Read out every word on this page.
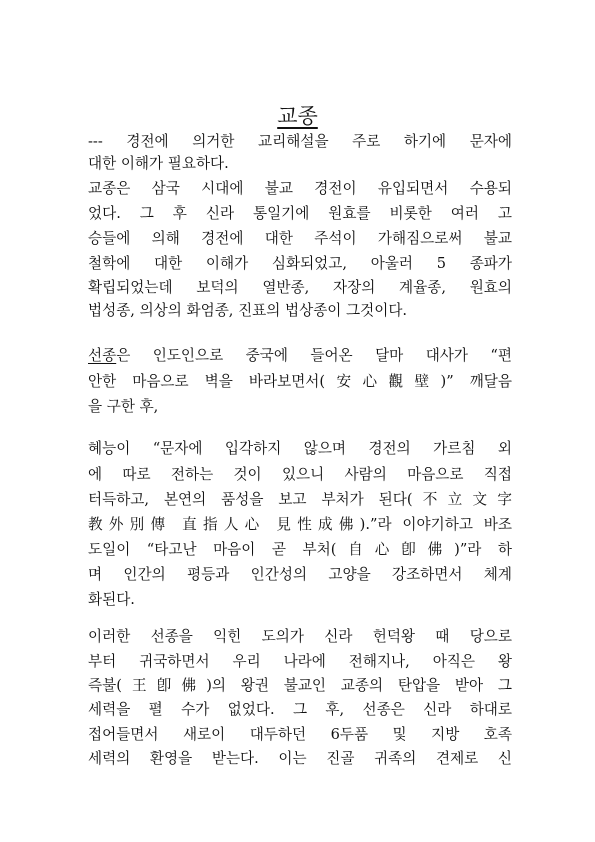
교종
--- 경전에 의거한 교리해설을 주로 하기에 문자에
대한 이해가 필요하다.
교종은 삼국 시대에 불교 경전이 유입되면서 수용되
었다. 그 후 신라 통일기에 원효를 비롯한 여러 고
승들에 의해 경전에 대한 주석이 가해짐으로써 불교
철학에 대한 이해가 심화되었고, 아울러 5 종파가
확립되었는데 보덕의 열반종, 자장의 계율종, 원효의
법성종, 의상의 화엄종, 진표의 법상종이 그것이다.
선종은 인도인으로 중국에 들어온 달마 대사가 “편
안한 마음으로 벽을 바라보면서(安心觀壁)” 깨달음
을 구한 후,
혜능이 “문자에 입각하지 않으며 경전의 가르침 외
에 따로 전하는 것이 있으니 사람의 마음으로 직접
터득하고, 본연의 품성을 보고 부처가 된다(不立文字
教外別傳 直指人心 見性成佛).”라 이야기하고 바조
도일이 “타고난 마음이 곧 부처(自心卽佛)”라 하
며 인간의 평등과 인간성의 고양을 강조하면서 체계
화된다.
이러한 선종을 익힌 도의가 신라 헌덕왕 때 당으로
부터 귀국하면서 우리 나라에 전해지나, 아직은 왕
즉불(王卽佛)의 왕권 불교인 교종의 탄압을 받아 그
세력을 펼 수가 없었다. 그 후, 선종은 신라 하대로
접어들면서 새로이 대두하던 6두품 및 지방 호족
세력의 환영을 받는다. 이는 진골 귀족의 견제로 신
